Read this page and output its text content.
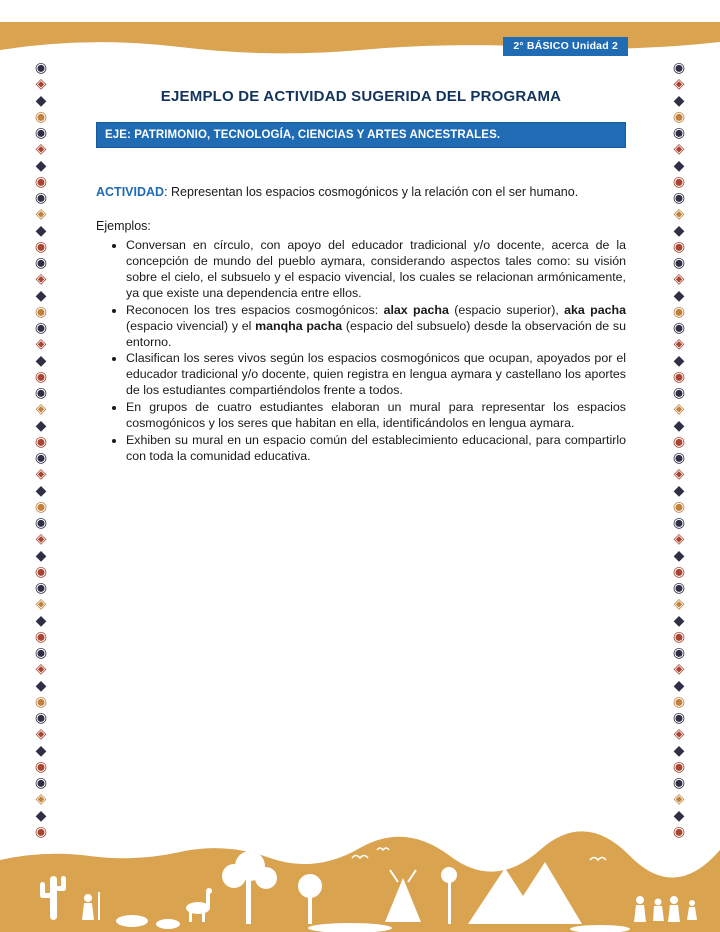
2° BÁSICO Unidad 2
◉
◈
◆
◉
◉
◈
◆
◉
◉
◈
◆
◉
◉
◈
◆
◉
◉
◈
◆
◉
◉
◈
◆
◉
◉
◈
◆
◉
◉
◈
◆
◉
◉
◈
◆
◉
◉
◈
◆
◉
◉
◈
◆
◉
◉
◈
◆
◉
◉
◈
◆
◉
◉
◈
◆
◉
◉
◈
◆
◉
◉
◈
◆
◉
◉
◈
◆
◉
◉
◈
◆
◉
◉
◈
◆
◉
◉
◈
◆
◉
◉
◈
◆
◉
◉
◈
◆
◉
◉
◈
◆
◉
◉
◈
◆
◉
EJEMPLO DE ACTIVIDAD SUGERIDA DEL PROGRAMA
EJE: PATRIMONIO, TECNOLOGÍA, CIENCIAS Y ARTES ANCESTRALES.
ACTIVIDAD: Representan los espacios cosmogónicos y la relación con el ser humano.
Ejemplos:
• Conversan en círculo, con apoyo del educador tradicional y/o docente, acerca de la concepción de mundo del pueblo aymara, considerando aspectos tales como: su visión sobre el cielo, el subsuelo y el espacio vivencial, los cuales se relacionan armónicamente, ya que existe una dependencia entre ellos.
• Reconocen los tres espacios cosmogónicos: alax pacha (espacio superior), aka pacha (espacio vivencial) y el manqha pacha (espacio del subsuelo) desde la observación de su entorno.
• Clasifican los seres vivos según los espacios cosmogónicos que ocupan, apoyados por el educador tradicional y/o docente, quien registra en lengua aymara y castellano los aportes de los estudiantes compartiéndolos frente a todos.
• En grupos de cuatro estudiantes elaboran un mural para representar los espacios cosmogónicos y los seres que habitan en ella, identificándolos en lengua aymara.
• Exhiben su mural en un espacio común del establecimiento educacional, para compartirlo con toda la comunidad educativa.
